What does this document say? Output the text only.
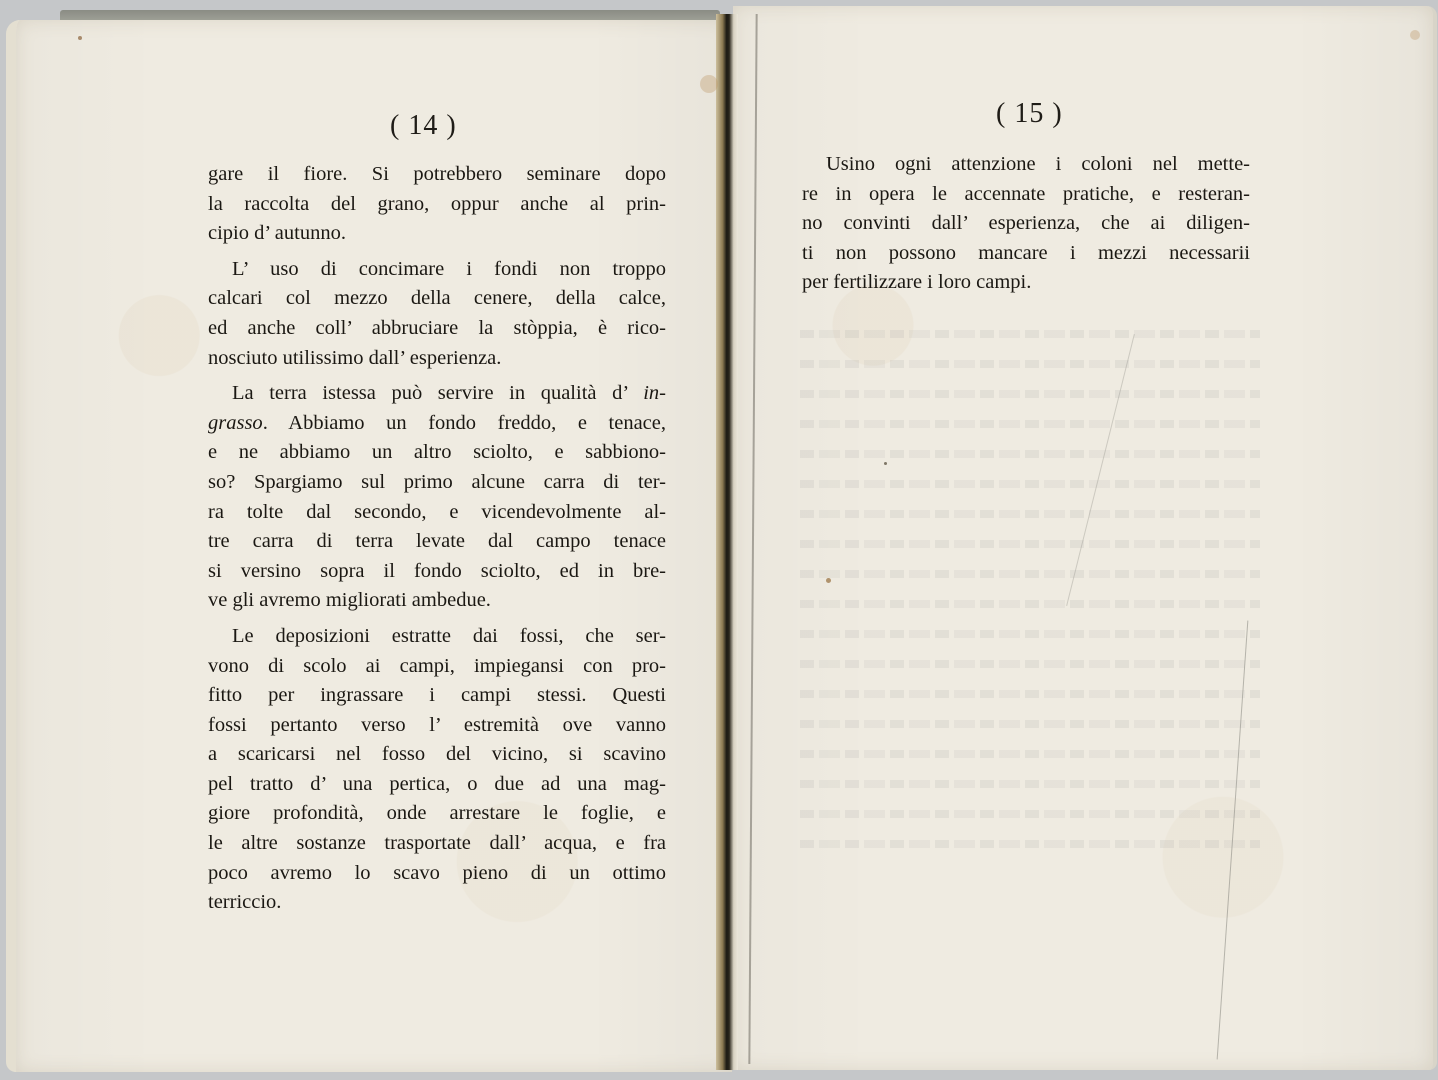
( 14 )
gare il fiore. Si potrebbero seminare dopo
la raccolta del grano, oppur anche al prin-
cipio d’ autunno.
L’ uso di concimare i fondi non troppo
calcari col mezzo della cenere, della calce,
ed anche coll’ abbruciare la stòppia, è rico-
nosciuto utilissimo dall’ esperienza.
La terra istessa può servire in qualità d’ in-
grasso. Abbiamo un fondo freddo, e tenace,
e ne abbiamo un altro sciolto, e sabbiono-
so? Spargiamo sul primo alcune carra di ter-
ra tolte dal secondo, e vicendevolmente al-
tre carra di terra levate dal campo tenace
si versino sopra il fondo sciolto, ed in bre-
ve gli avremo migliorati ambedue.
Le deposizioni estratte dai fossi, che ser-
vono di scolo ai campi, impiegansi con pro-
fitto per ingrassare i campi stessi. Questi
fossi pertanto verso l’ estremità ove vanno
a scaricarsi nel fosso del vicino, si scavino
pel tratto d’ una pertica, o due ad una mag-
giore profondità, onde arrestare le foglie, e
le altre sostanze trasportate dall’ acqua, e fra
poco avremo lo scavo pieno di un ottimo
terriccio.
( 15 )
Usino ogni attenzione i coloni nel mette-
re in opera le accennate pratiche, e resteran-
no convinti dall’ esperienza, che ai diligen-
ti non possono mancare i mezzi necessarii
per fertilizzare i loro campi.
